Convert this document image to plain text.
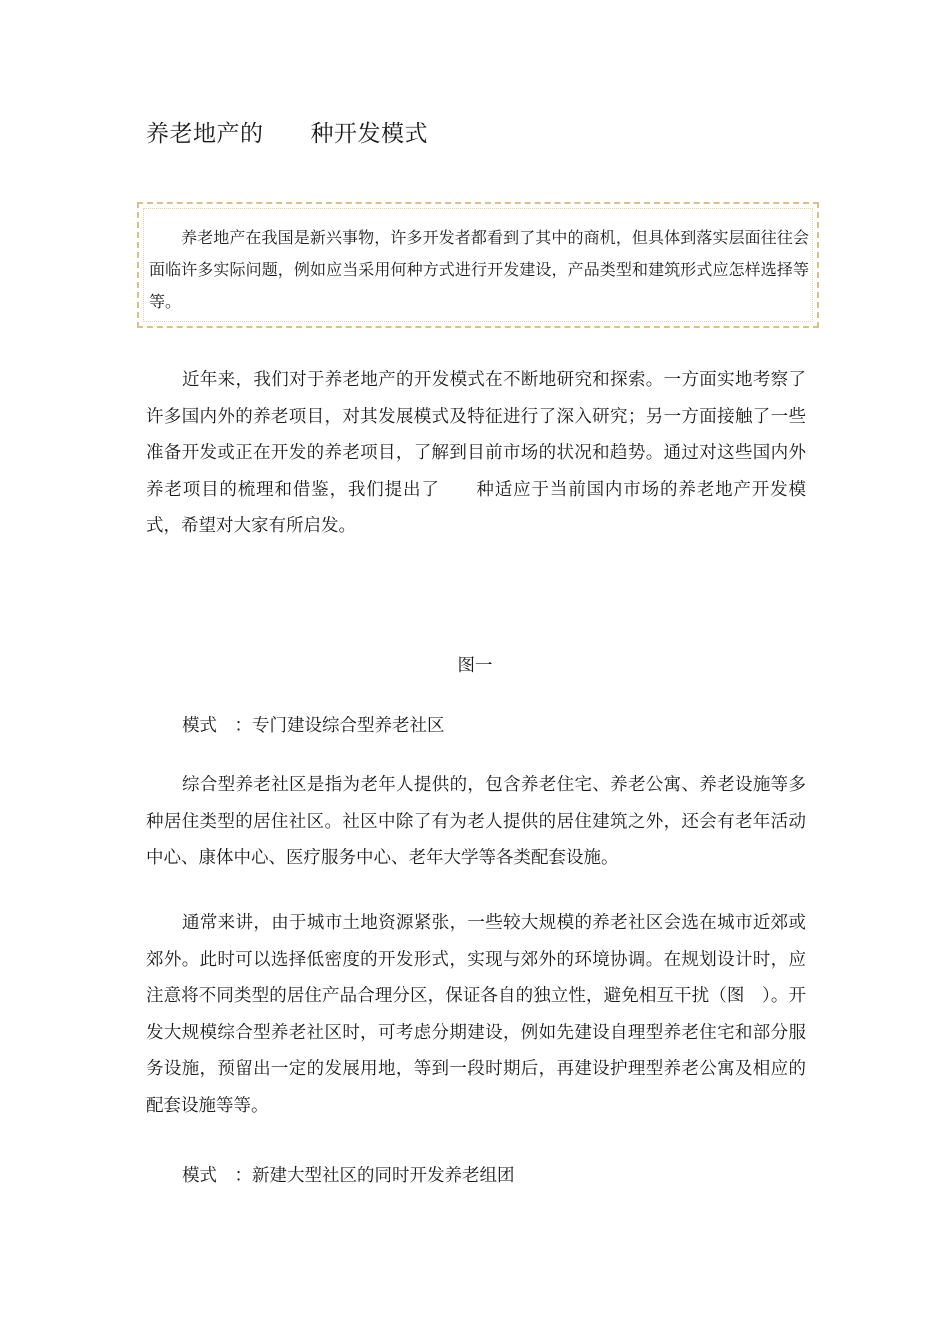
养老地产的　　种开发模式
养老地产在我国是新兴事物，许多开发者都看到了其中的商机，但具体到落实层面往往会面临许多实际问题，例如应当采用何种方式进行开发建设，产品类型和建筑形式应怎样选择等等。

近年来，我们对于养老地产的开发模式在不断地研究和探索。一方面实地考察了许多国内外的养老项目，对其发展模式及特征进行了深入研究；另一方面接触了一些准备开发或正在开发的养老项目，了解到目前市场的状况和趋势。通过对这些国内外养老项目的梳理和借鉴，我们提出了　　种适应于当前国内市场的养老地产开发模式，希望对大家有所启发。

图一
模式　：专门建设综合型养老社区

综合型养老社区是指为老年人提供的，包含养老住宅、养老公寓、养老设施等多种居住类型的居住社区。社区中除了有为老人提供的居住建筑之外，还会有老年活动中心、康体中心、医疗服务中心、老年大学等各类配套设施。

通常来讲，由于城市土地资源紧张，一些较大规模的养老社区会选在城市近郊或郊外。此时可以选择低密度的开发形式，实现与郊外的环境协调。在规划设计时，应注意将不同类型的居住产品合理分区，保证各自的独立性，避免相互干扰（图　）。开发大规模综合型养老社区时，可考虑分期建设，例如先建设自理型养老住宅和部分服务设施，预留出一定的发展用地，等到一段时期后，再建设护理型养老公寓及相应的配套设施等等。

模式　：新建大型社区的同时开发养老组团
